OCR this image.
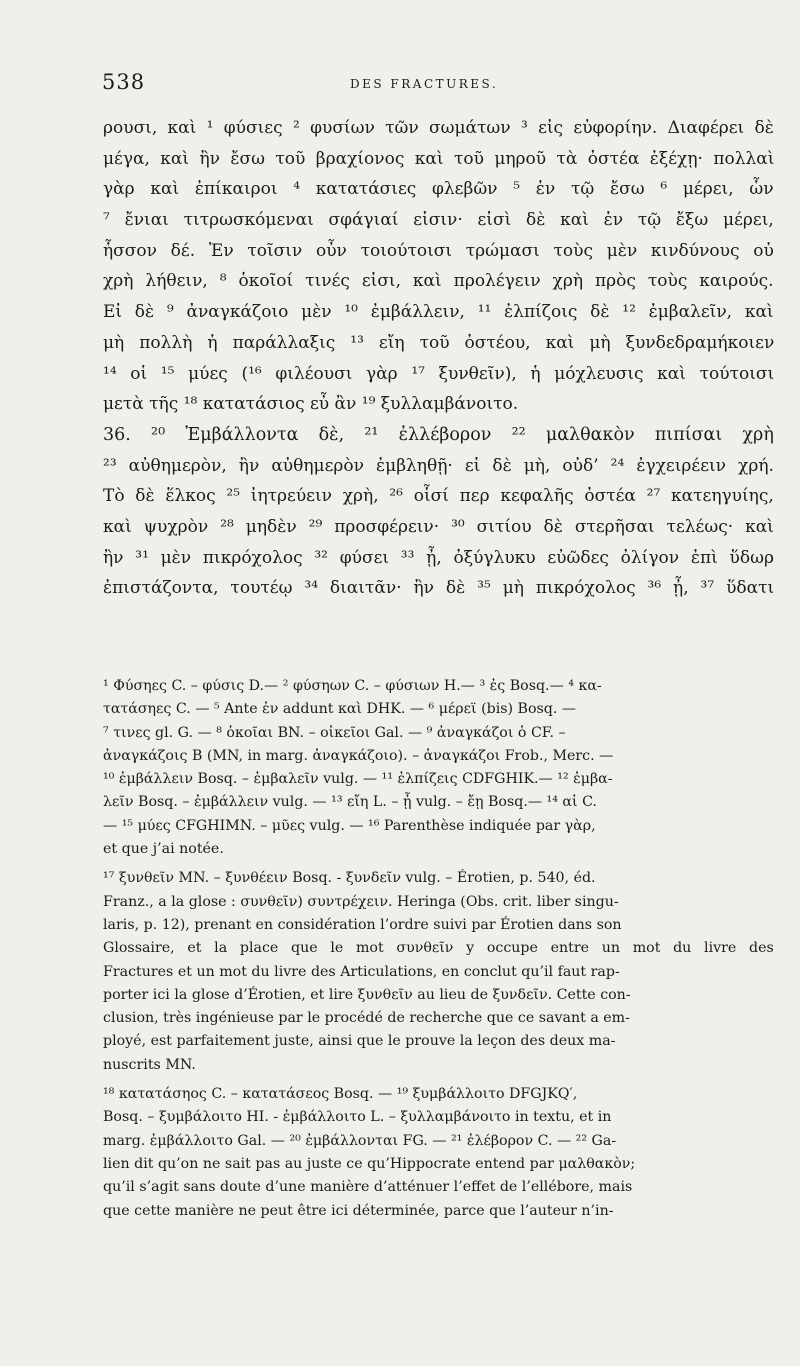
538	DES FRACTURES.
ρουσι, καὶ ¹ φύσιες ² φυσίων τῶν σωμάτων ³ εἰς εὐφορίην. Διαφέρει δὲ
μέγα, καὶ ἢν ἔσω τοῦ βραχίονος καὶ τοῦ μηροῦ τὰ ὀστέα ἐξέχῃ· πολλαὶ
γὰρ καὶ ἐπίκαιροι ⁴ κατατάσιες φλεβῶν ⁵ ἐν τῷ ἔσω ⁶ μέρει, ὧν
⁷ ἔνιαι τιτρωσκόμεναι σφάγιαί εἰσιν· εἰσὶ δὲ καὶ ἐν τῷ ἔξω μέρει,
ἧσσον δέ. Ἐν τοῖσιν οὖν τοιούτοισι τρώμασι τοὺς μὲν κινδύνους οὐ
χρὴ λήθειν, ⁸ ὁκοῖοί τινές εἰσι, καὶ προλέγειν χρὴ πρὸς τοὺς καιρούς.
Εἰ δὲ ⁹ ἀναγκάζοιο μὲν ¹⁰ ἐμβάλλειν, ¹¹ ἐλπίζοις δὲ ¹² ἐμβαλεῖν, καὶ
μὴ πολλὴ ἡ παράλλαξις ¹³ εἴη τοῦ ὀστέου, καὶ μὴ ξυνδεδραμήκοιεν
¹⁴ οἱ ¹⁵ μύες (¹⁶ φιλέουσι γὰρ ¹⁷ ξυνθεῖν), ἡ μόχλευσις καὶ τούτοισι
μετὰ τῆς ¹⁸ κατατάσιος εὖ ἂν ¹⁹ ξυλλαμβάνοιτο.
36. ²⁰ Ἐμβάλλοντα δὲ, ²¹ ἐλλέβορον ²² μαλθακὸν πιπίσαι χρὴ
²³ αὐθημερὸν, ἢν αὐθημερὸν ἐμβληθῇ· εἰ δὲ μὴ, οὐδ’ ²⁴ ἐγχειρέειν χρή.
Τὸ δὲ ἕλκος ²⁵ ἰητρεύειν χρὴ, ²⁶ οἷσί περ κεφαλῆς ὀστέα ²⁷ κατεηγυίης,
καὶ ψυχρὸν ²⁸ μηδὲν ²⁹ προσφέρειν· ³⁰ σιτίου δὲ στερῆσαι τελέως· καὶ
ἢν ³¹ μὲν πικρόχολος ³² φύσει ³³ ᾖ, ὀξύγλυκυ εὐῶδες ὀλίγον ἐπὶ ὕδωρ
ἐπιστάζοντα, τουτέῳ ³⁴ διαιτᾶν· ἢν δὲ ³⁵ μὴ πικρόχολος ³⁶ ᾖ, ³⁷ ὕδατι
¹ Φύσηες C. – φύσις D.— ² φύσηων C. – φύσιων H.— ³ ἐς Bosq.— ⁴ κα-
τατάσηες C. — ⁵ Ante ἐν addunt καὶ DHK. — ⁶ μέρεϊ (bis) Bosq. —
⁷ τινες gl. G. — ⁸ ὁκοῖαι BN. – οἰκεῖοι Gal. — ⁹ ἀναγκάζοι ὁ CF. –
ἀναγκάζοις B (MN, in marg. ἀναγκάζοιο). – ἀναγκάζοι Frob., Merc. —
¹⁰ ἐμβάλλειν Bosq. – ἐμβαλεῖν vulg. — ¹¹ ἐλπίζεις CDFGHIK.— ¹² ἐμβα-
λεῖν Bosq. – ἐμβάλλειν vulg. — ¹³ εἴη L. – ᾖ vulg. – ἔῃ Bosq.— ¹⁴ αἱ C.
— ¹⁵ μύες CFGHIMN. – μῦες vulg. — ¹⁶ Parenthèse indiquée par γὰρ,
et que j’ai notée.
¹⁷ ξυνθεῖν MN. – ξυνθέειν Bosq. - ξυνδεῖν vulg. – Érotien, p. 540, éd.
Franz., a la glose : συνθεῖν) συντρέχειν. Heringa (Obs. crit. liber singu-
laris, p. 12), prenant en considération l’ordre suivi par Érotien dans son
Glossaire, et la place que le mot συνθεῖν y occupe entre un mot du livre des
Fractures et un mot du livre des Articulations, en conclut qu’il faut rap-
porter ici la glose d’Érotien, et lire ξυνθεῖν au lieu de ξυνδεῖν. Cette con-
clusion, très ingénieuse par le procédé de recherche que ce savant a em-
ployé, est parfaitement juste, ainsi que le prouve la leçon des deux ma-
nuscrits MN.
¹⁸ κατατάσηος C. – κατατάσεος Bosq. — ¹⁹ ξυμβάλλοιτο DFGJKQ′,
Bosq. – ξυμβάλοιτο HI. - ἐμβάλλοιτο L. – ξυλλαμβάνοιτο in textu, et in
marg. ἐμβάλλοιτο Gal. — ²⁰ ἐμβάλλονται FG. — ²¹ ἐλέβορον C. — ²² Ga-
lien dit qu’on ne sait pas au juste ce qu’Hippocrate entend par μαλθακὸν;
qu’il s’agit sans doute d’une manière d’atténuer l’effet de l’ellébore, mais
que cette manière ne peut être ici déterminée, parce que l’auteur n’in-
